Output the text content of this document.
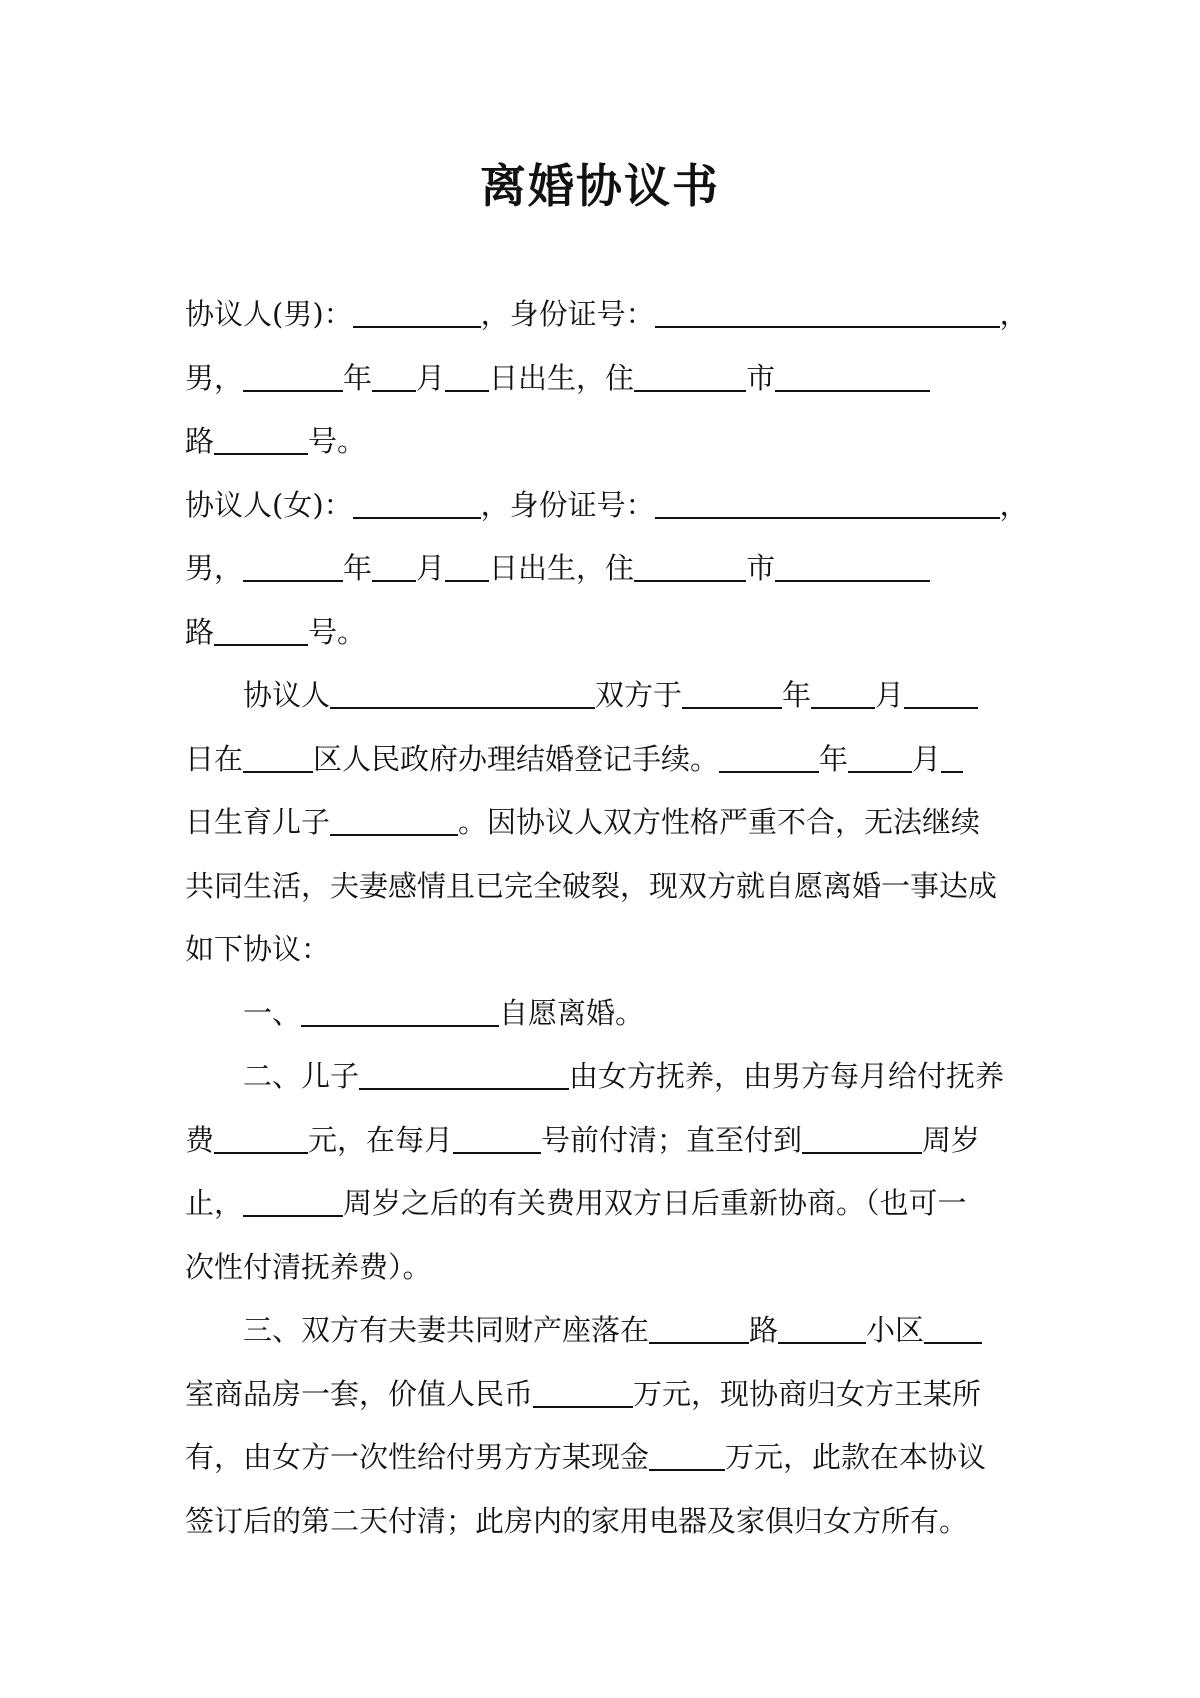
离婚协议书
协议人(男)：	，身份证号：	，
男，	年 月 日出生，住	市
路	号。
协议人(女)：	，身份证号：	，
男，	年 月 日出生，住	市
路	号。
协议人	双方于	年 月
日在 区人民政府办理结婚登记手续。	年 月
日生育儿子	。因协议人双方性格严重不合，无法继续
共同生活，夫妻感情且已完全破裂，现双方就自愿离婚一事达成
如下协议：
一、	自愿离婚。
二、儿子	由女方抚养，由男方每月给付抚养
费	元，在每月	号前付清；直至付到	周岁
止，	周岁之后的有关费用双方日后重新协商。（也可一
次性付清抚养费）。
三、双方有夫妻共同财产座落在	路	小区
室商品房一套，价值人民币	万元，现协商归女方王某所
有，由女方一次性给付男方方某现金	万元，此款在本协议
签订后的第二天付清；此房内的家用电器及家俱归女方所有。
